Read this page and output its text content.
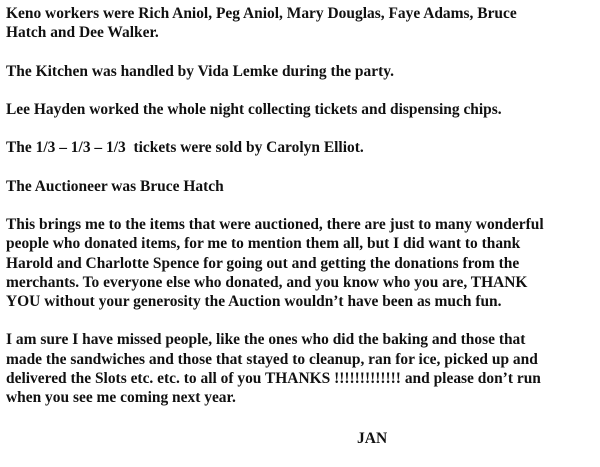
Keno workers were Rich Aniol, Peg Aniol, Mary Douglas, Faye Adams, Bruce
Hatch and Dee Walker.

The Kitchen was handled by Vida Lemke during the party.

Lee Hayden worked the whole night collecting tickets and dispensing chips.

The 1/3 – 1/3 – 1/3  tickets were sold by Carolyn Elliot.

The Auctioneer was Bruce Hatch

This brings me to the items that were auctioned, there are just to many wonderful
people who donated items, for me to mention them all, but I did want to thank
Harold and Charlotte Spence for going out and getting the donations from the
merchants. To everyone else who donated, and you know who you are, THANK
YOU without your generosity the Auction wouldn’t have been as much fun.

I am sure I have missed people, like the ones who did the baking and those that
made the sandwiches and those that stayed to cleanup, ran for ice, picked up and
delivered the Slots etc. etc. to all of you THANKS !!!!!!!!!!!!! and please don’t run
when you see me coming next year.

JAN
